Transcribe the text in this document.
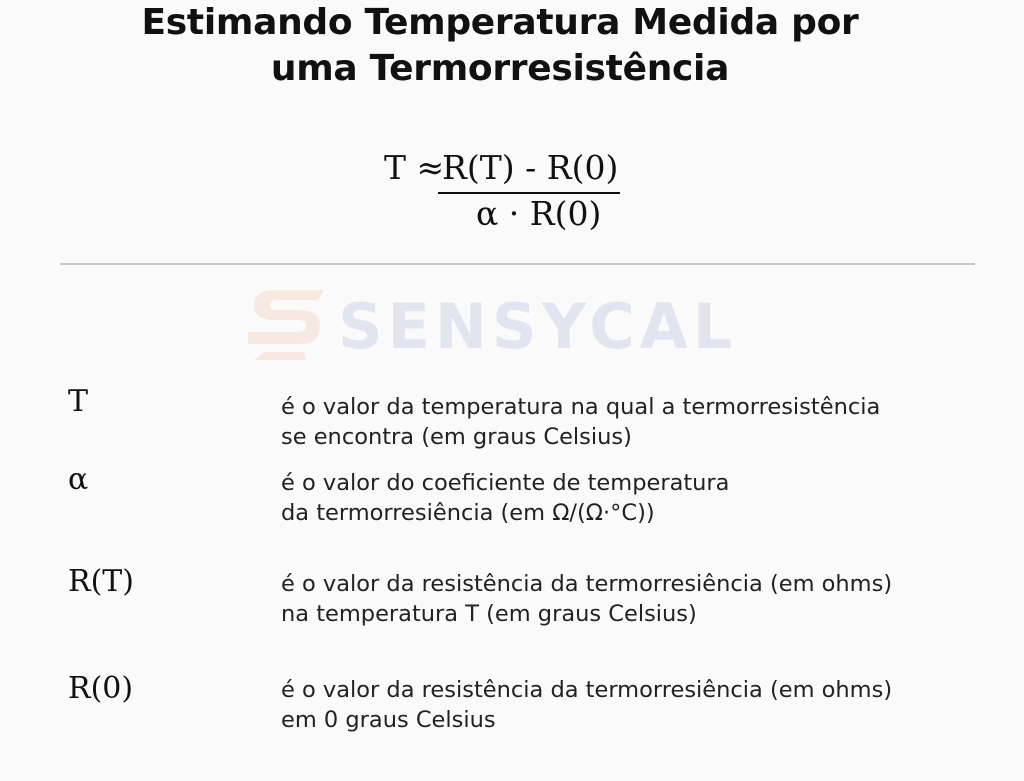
Estimando Temperatura Medida por
uma Termorresistência
T ≈
R(T) - R(0)
α · R(0)
SENSYCAL
T	é o valor da temperatura na qual a termorresistência
se encontra (em graus Celsius)
α	é o valor do coeficiente de temperatura
da termorresiência (em Ω/(Ω·°C))
R(T)	é o valor da resistência da termorresiência (em ohms)
na temperatura T (em graus Celsius)
R(0)	é o valor da resistência da termorresiência (em ohms)
em 0 graus Celsius
